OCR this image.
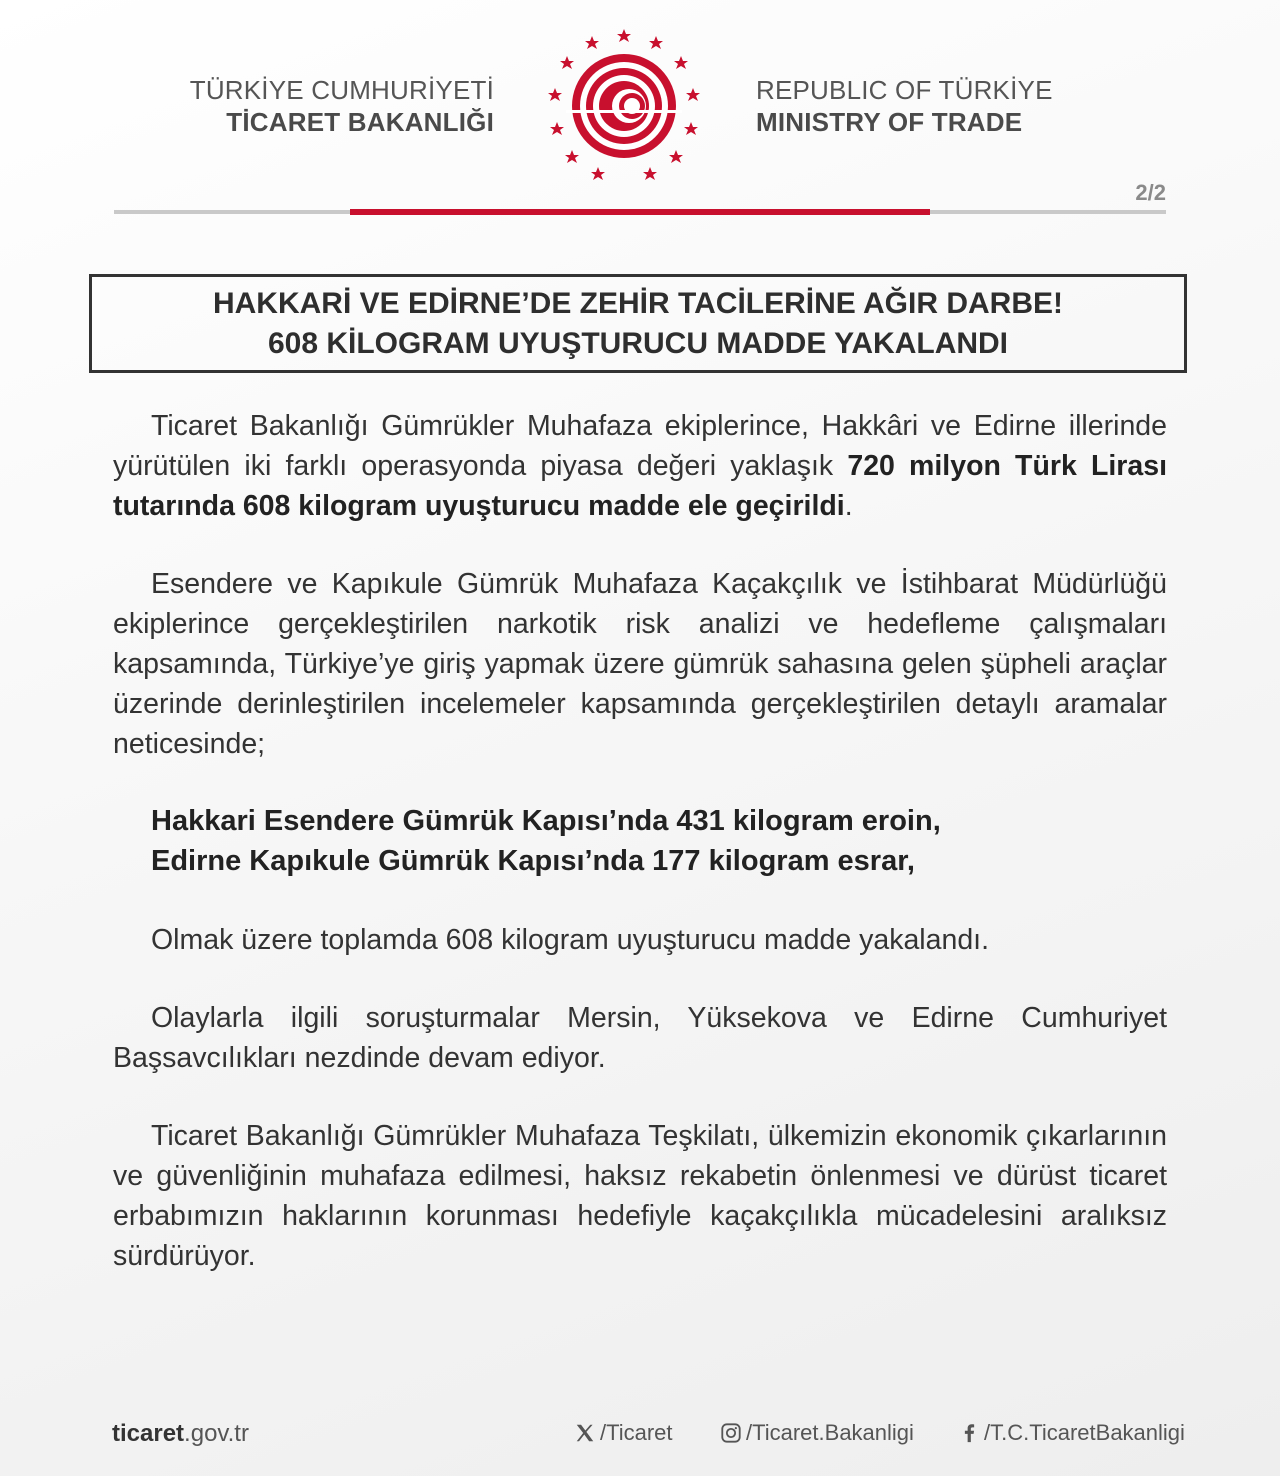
TÜRKİYE CUMHURİYETİ
TİCARET BAKANLIĞI
REPUBLIC OF TÜRKİYE
MINISTRY OF TRADE
2/2
HAKKARİ VE EDİRNE’DE ZEHİR TACİLERİNE AĞIR DARBE!
608 KİLOGRAM UYUŞTURUCU MADDE YAKALANDI

Ticaret Bakanlığı Gümrükler Muhafaza ekiplerince, Hakkâri ve Edirne illerinde yürütülen iki farklı operasyonda piyasa değeri yaklaşık 720 milyon Türk Lirası tutarında 608 kilogram uyuşturucu madde ele geçirildi.

Esendere ve Kapıkule Gümrük Muhafaza Kaçakçılık ve İstihbarat Müdürlüğü ekiplerince gerçekleştirilen narkotik risk analizi ve hedefleme çalışmaları kapsamında, Türkiye’ye giriş yapmak üzere gümrük sahasına gelen şüpheli araçlar üzerinde derinleştirilen incelemeler kapsamında gerçekleştirilen detaylı aramalar neticesinde;

Hakkari Esendere Gümrük Kapısı’nda 431 kilogram eroin,
Edirne Kapıkule Gümrük Kapısı’nda 177 kilogram esrar,

Olmak üzere toplamda 608 kilogram uyuşturucu madde yakalandı.

Olaylarla ilgili soruşturmalar Mersin, Yüksekova ve Edirne Cumhuriyet Başsavcılıkları nezdinde devam ediyor.

Ticaret Bakanlığı Gümrükler Muhafaza Teşkilatı, ülkemizin ekonomik çıkarlarının ve güvenliğinin muhafaza edilmesi, haksız rekabetin önlenmesi ve dürüst ticaret erbabımızın haklarının korunması hedefiyle kaçakçılıkla mücadelesini aralıksız sürdürüyor.

ticaret.gov.tr	/Ticaret	/Ticaret.Bakanligi	/T.C.TicaretBakanligi
